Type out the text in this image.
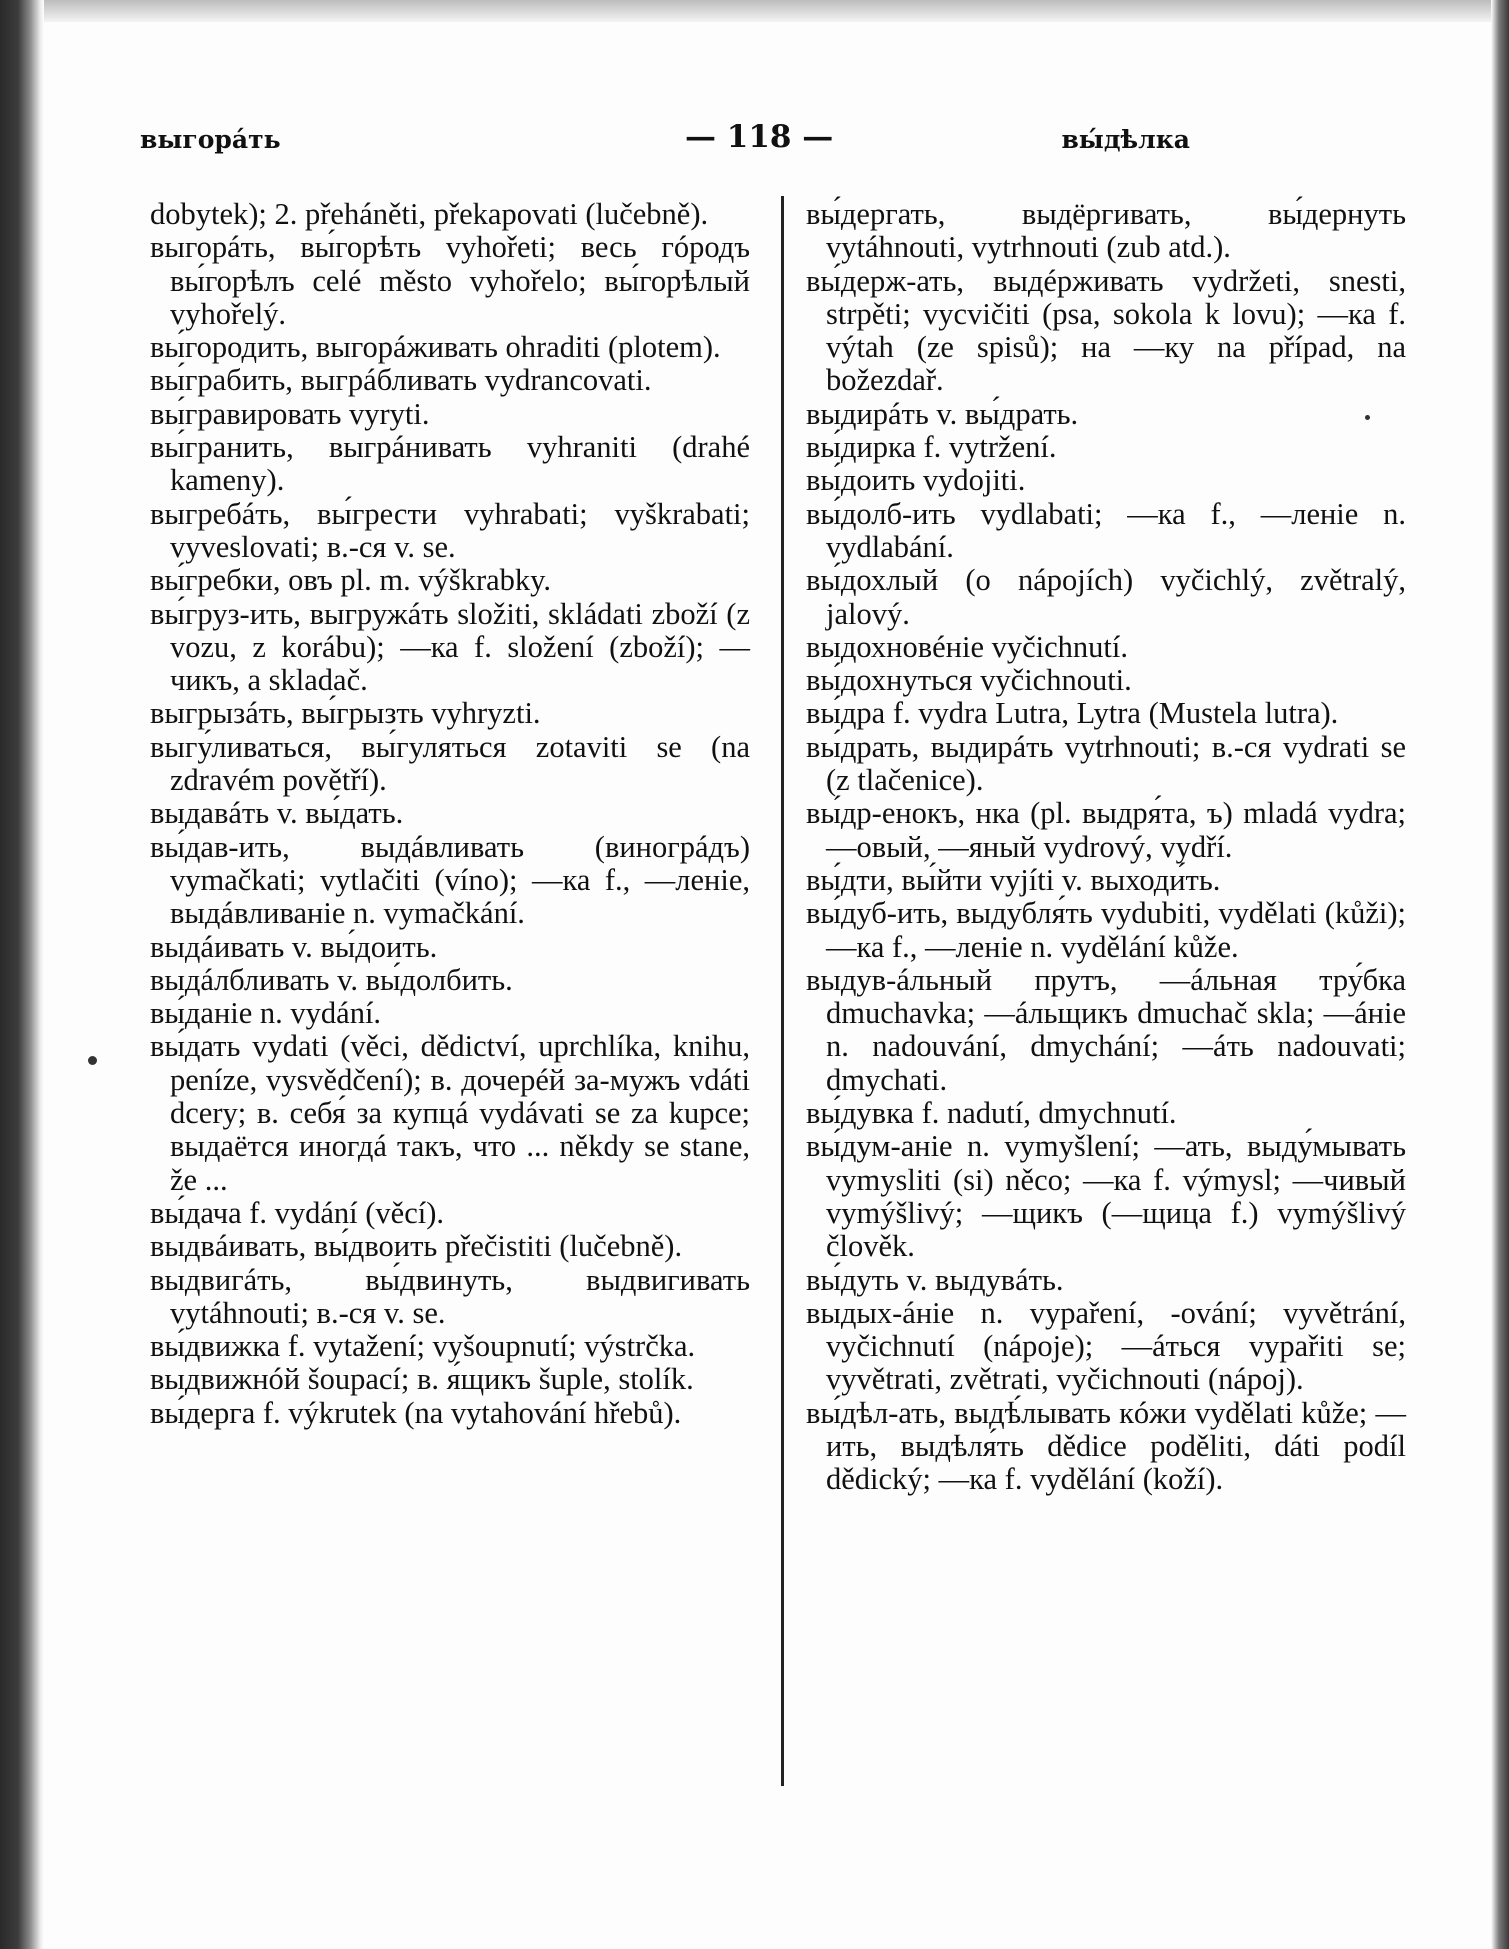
выгорáть	— 118 —	вы́дѣлка

dobytek); 2. přeháněti, překapovati (lučebně).

выгорáть, вы́горѣть vyhořeti; весь гóродъ вы́горѣлъ celé město vyhořelo; вы́горѣлый vyhořelý.

вы́городить, выгорáживать ohraditi (plotem).

вы́грабить, выгрáбливать vydrancovati.

вы́гравировать vyryti.

вы́гранить, выгрáнивать vyhraniti (drahé kameny).

выгребáть, вы́грести vyhrabati; vyškrabati; vyveslovati; в.-ся v. se.

вы́гребки, овъ pl. m. výškrabky.

вы́груз-ить, выгружáть složiti, skládati zboží (z vozu, z korábu); —ка f. složení (zboží); —чикъ, a skladač.

выгрызáть, вы́грызть vyhryzti.

выгу́ливаться, вы́гуляться zotaviti se (na zdravém povětří).

выдавáть v. вы́дать.

вы́дав-ить, выдáвливать (виногрáдъ) vymačkati; vytlačiti (víno); —ка f., —леніе, выдáвливаніе n. vymačkání.

выдáивать v. вы́доить.

выдáлбливать v. вы́долбить.

вы́даніе n. vydání.

вы́дать vydati (věci, dědictví, uprchlíka, knihu, peníze, vysvědčení); в. дочерéй за-мужъ vdáti dcery; в. себя́ за купцá vydávati se za kupce; выдаётся иногдá такъ, что ... někdy se stane, že ...

вы́дача f. vydání (věcí).

выдвáивать, вы́двоить přečistiti (lučebně).

выдвигáть, вы́двинуть, выдвигивать vytáhnouti; в.-ся v. se.

вы́движка f. vytažení; vyšoupnutí; výstrčka.

выдвижнóй šoupací; в. я́щикъ šuple, stolík.

вы́дерга f. výkrutek (na vytahování hřebů).

вы́дергать, выдёргивать, вы́дернуть vytáhnouti, vytrhnouti (zub atd.).

вы́держ-ать, выдéрживать vydržeti, snesti, strpěti; vycvičiti (psa, sokola k lovu); —ка f. výtah (ze spisů); на —ку na případ, na božezdař.

выдирáть v. вы́драть.

вы́дирка f. vytržení.

вы́доить vydojiti.

вы́долб-ить vydlabati; —ка f., —леніе n. vydlabání.

вы́дохлый (o nápojích) vyčichlý, zvětralý, jalový.

выдохновéніе vyčichnutí.

вы́дохнуться vyčichnouti.

вы́дра f. vydra Lutra, Lytra (Mustela lutra).

вы́драть, выдирáть vytrhnouti; в.-ся vydrati se (z tlačenice).

вы́др-енокъ, нка (pl. выдря́та, ъ) mladá vydra; —овый, —яный vydrový, vydří.

вы́дти, вы́йти vyjíti v. выходи́ть.

вы́дуб-ить, выдубля́ть vydubiti, vydělati (kůži); —ка f., —леніе n. vydělání kůže.

выдув-áльный прутъ, —áльная тру́бка dmuchavka; —áльщикъ dmuchač skla; —áніе n. nadouvání, dmychání; —áть nadouvati; dmychati.

вы́дувка f. nadutí, dmychnutí.

вы́дум-аніе n. vymyšlení; —ать, выду́мывать vymysliti (si) něco; —ка f. výmysl; —чивый vymýšlivý; —щикъ (—щица f.) vymýšlivý člověk.

вы́дуть v. выдувáть.

выдых-áніе n. vypaření, -ování; vyvětrání, vyčichnutí (nápoje); —áться vypařiti se; vyvětrati, zvětrati, vyčichnouti (nápoj).

вы́дѣл-ать, выдѣ́лывать кóжи vydělati kůže; —ить, выдѣля́ть dědice poděliti, dáti podíl dědický; —ка f. vydělání (koží).
